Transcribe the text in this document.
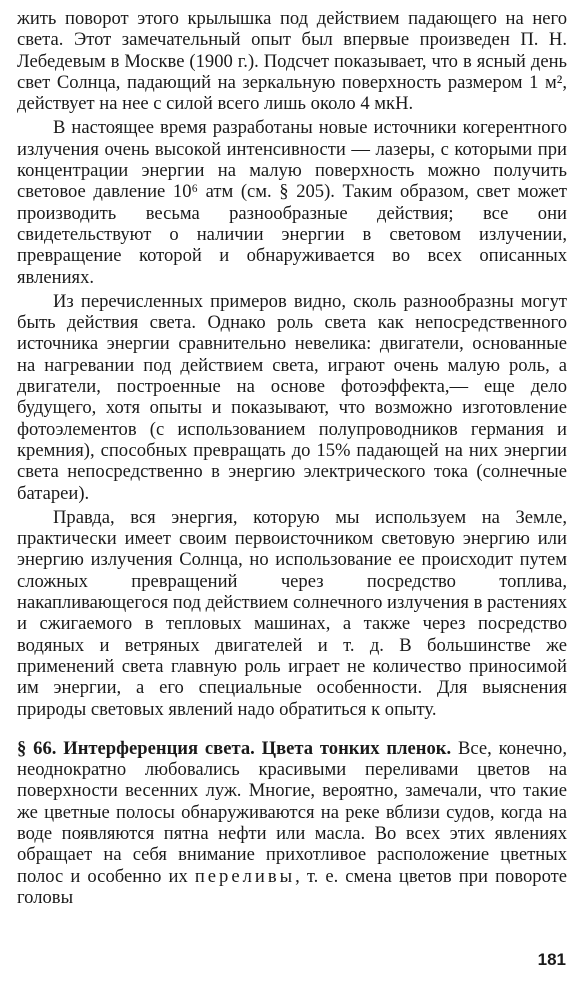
жить поворот этого крылышка под действием падающего на него света. Этот замечательный опыт был впервые произведен П. Н. Лебедевым в Москве (1900 г.). Подсчет показывает, что в ясный день свет Солнца, падающий на зеркальную поверхность размером 1 м², действует на нее с силой всего лишь около 4 мкН.

В настоящее время разработаны новые источники когерентного излучения очень высокой интенсивности — лазеры, с которыми при концентрации энергии на малую поверхность можно получить световое давление 10⁶ атм (см. § 205). Таким образом, свет может производить весьма разнообразные действия; все они свидетельствуют о наличии энергии в световом излучении, превращение которой и обнаруживается во всех описанных явлениях.

Из перечисленных примеров видно, сколь разнообразны могут быть действия света. Однако роль света как непосредственного источника энергии сравнительно невелика: двигатели, основанные на нагревании под действием света, играют очень малую роль, а двигатели, построенные на основе фотоэффекта,— еще дело будущего, хотя опыты и показывают, что возможно изготовление фотоэлементов (с использованием полупроводников германия и кремния), способных превращать до 15% падающей на них энергии света непосредственно в энергию электрического тока (солнечные батареи).

Правда, вся энергия, которую мы используем на Земле, практически имеет своим первоисточником световую энергию или энергию излучения Солнца, но использование ее происходит путем сложных превращений через посредство топлива, накапливающегося под действием солнечного излучения в растениях и сжигаемого в тепловых машинах, а также через посредство водяных и ветряных двигателей и т. д. В большинстве же применений света главную роль играет не количество приносимой им энергии, а его специальные особенности. Для выяснения природы световых явлений надо обратиться к опыту.

§ 66. Интерференция света. Цвета тонких пленок. Все, конечно, неоднократно любовались красивыми переливами цветов на поверхности весенних луж. Многие, вероятно, замечали, что такие же цветные полосы обнаруживаются на реке вблизи судов, когда на воде появляются пятна нефти или масла. Во всех этих явлениях обращает на себя внимание прихотливое расположение цветных полос и особенно их переливы, т. е. смена цветов при повороте головы

181
